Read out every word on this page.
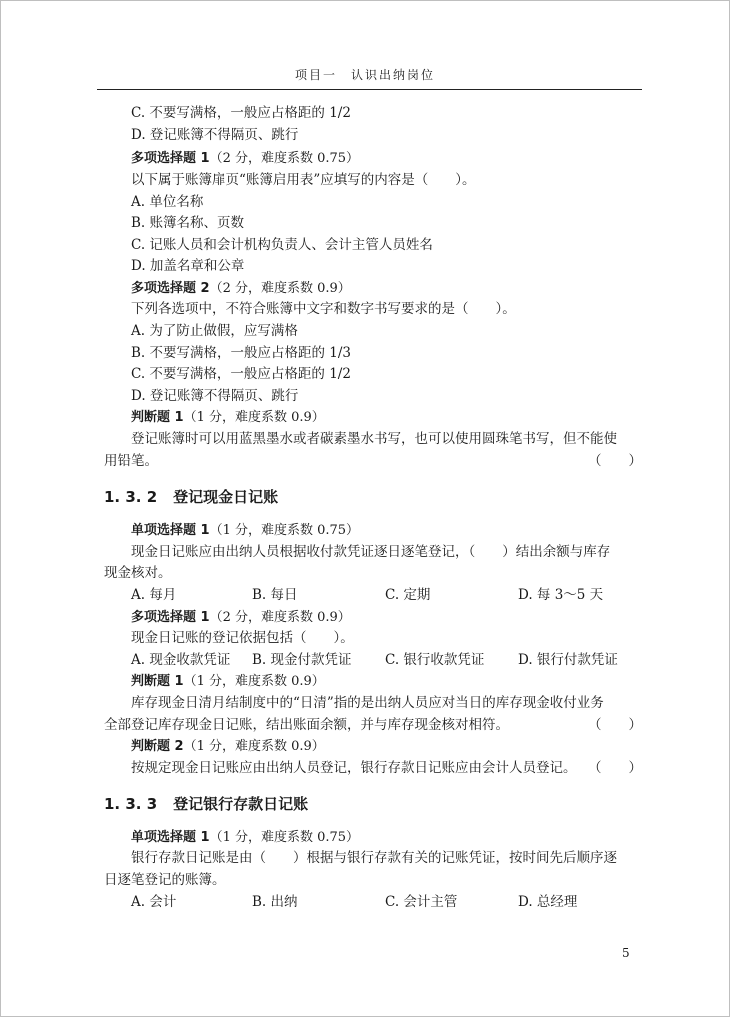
项目一　认识出纳岗位
C. 不要写满格，一般应占格距的 1/2
D. 登记账簿不得隔页、跳行
多项选择题 1（2 分，难度系数 0.75）
以下属于账簿扉页“账簿启用表”应填写的内容是（　　）。
A. 单位名称
B. 账簿名称、页数
C. 记账人员和会计机构负责人、会计主管人员姓名
D. 加盖名章和公章
多项选择题 2（2 分，难度系数 0.9）
下列各选项中，不符合账簿中文字和数字书写要求的是（　　）。
A. 为了防止做假，应写满格
B. 不要写满格，一般应占格距的 1/3
C. 不要写满格，一般应占格距的 1/2
D. 登记账簿不得隔页、跳行
判断题 1（1 分，难度系数 0.9）
登记账簿时可以用蓝黑墨水或者碳素墨水书写，也可以使用圆珠笔书写，但不能使
用铅笔。	（　　）
1. 3. 2 登记现金日记账
单项选择题 1（1 分，难度系数 0.75）
现金日记账应由出纳人员根据收付款凭证逐日逐笔登记，（　　）结出余额与库存
现金核对。
A. 每月	B. 每日	C. 定期	D. 每 3～5 天
多项选择题 1（2 分，难度系数 0.9）
现金日记账的登记依据包括（　　）。
A. 现金收款凭证 B. 现金付款凭证 C. 银行收款凭证 D. 银行付款凭证
判断题 1（1 分，难度系数 0.9）
库存现金日清月结制度中的“日清”指的是出纳人员应对当日的库存现金收付业务
全部登记库存现金日记账，结出账面余额，并与库存现金核对相符。	（　　）
判断题 2（1 分，难度系数 0.9）
按规定现金日记账应由出纳人员登记，银行存款日记账应由会计人员登记。 （　　）
1. 3. 3 登记银行存款日记账
单项选择题 1（1 分，难度系数 0.75）
银行存款日记账是由（　　）根据与银行存款有关的记账凭证，按时间先后顺序逐
日逐笔登记的账簿。
A. 会计	B. 出纳	C. 会计主管	D. 总经理
5
